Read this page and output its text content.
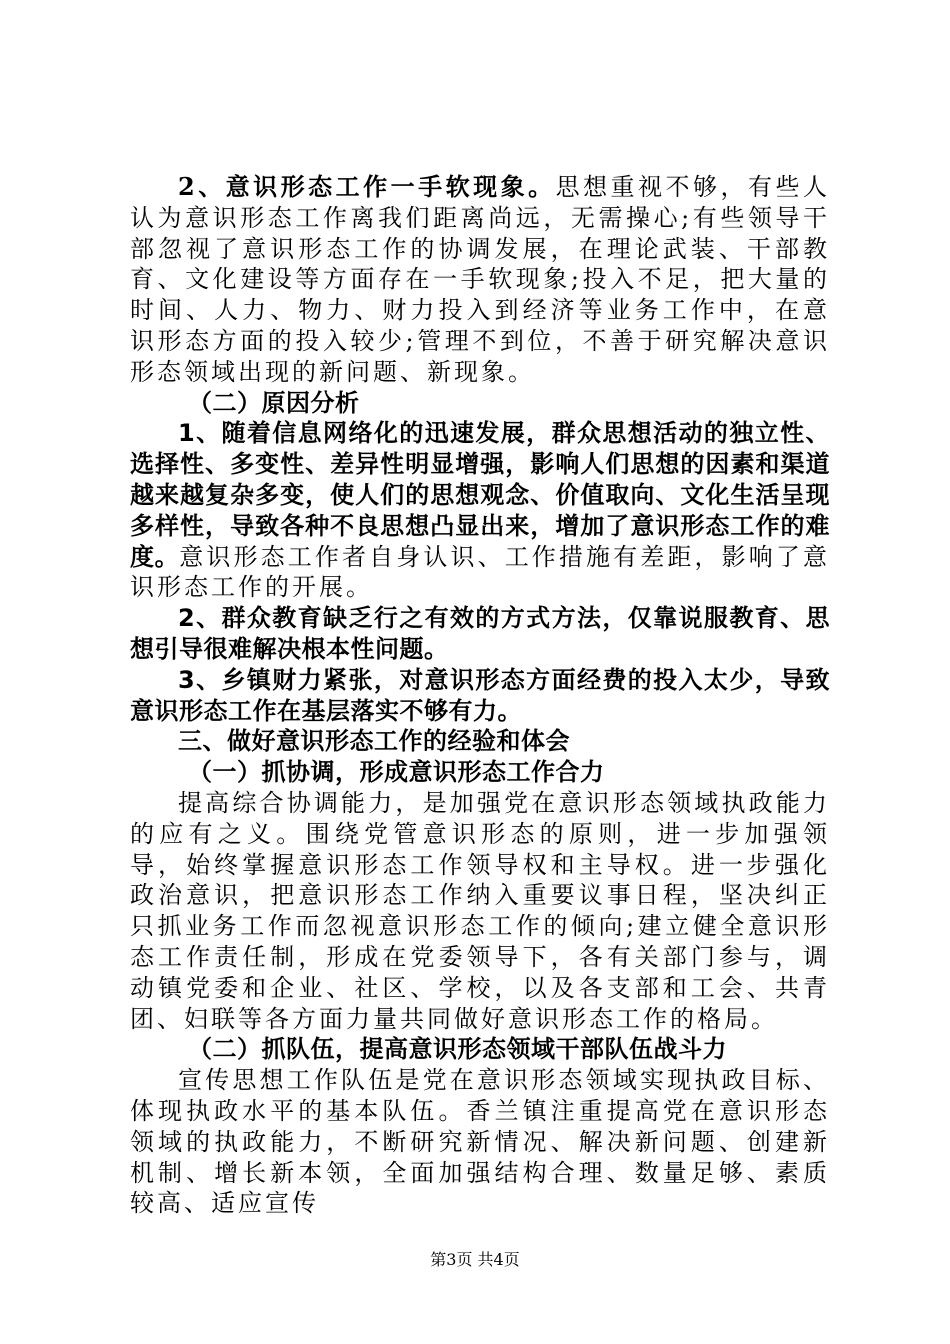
2、意识形态工作一手软现象。思想重视不够，有些人认为意识形态工作离我们距离尚远，无需操心;有些领导干部忽视了意识形态工作的协调发展，在理论武装、干部教育、文化建设等方面存在一手软现象;投入不足，把大量的时间、人力、物力、财力投入到经济等业务工作中，在意识形态方面的投入较少;管理不到位，不善于研究解决意识形态领域出现的新问题、新现象。

（二）原因分析

1、随着信息网络化的迅速发展，群众思想活动的独立性、选择性、多变性、差异性明显增强，影响人们思想的因素和渠道越来越复杂多变，使人们的思想观念、价值取向、文化生活呈现多样性，导致各种不良思想凸显出来，增加了意识形态工作的难度。意识形态工作者自身认识、工作措施有差距，影响了意识形态工作的开展。

2、群众教育缺乏行之有效的方式方法，仅靠说服教育、思想引导很难解决根本性问题。

3、乡镇财力紧张，对意识形态方面经费的投入太少，导致意识形态工作在基层落实不够有力。

三、做好意识形态工作的经验和体会

（一）抓协调，形成意识形态工作合力

提高综合协调能力，是加强党在意识形态领域执政能力的应有之义。围绕党管意识形态的原则，进一步加强领导，始终掌握意识形态工作领导权和主导权。进一步强化政治意识，把意识形态工作纳入重要议事日程，坚决纠正只抓业务工作而忽视意识形态工作的倾向;建立健全意识形态工作责任制，形成在党委领导下，各有关部门参与，调动镇党委和企业、社区、学校，以及各支部和工会、共青团、妇联等各方面力量共同做好意识形态工作的格局。

（二）抓队伍，提高意识形态领域干部队伍战斗力

宣传思想工作队伍是党在意识形态领域实现执政目标、体现执政水平的基本队伍。香兰镇注重提高党在意识形态领域的执政能力，不断研究新情况、解决新问题、创建新机制、增长新本领，全面加强结构合理、数量足够、素质较高、适应宣传

第3页 共4页
